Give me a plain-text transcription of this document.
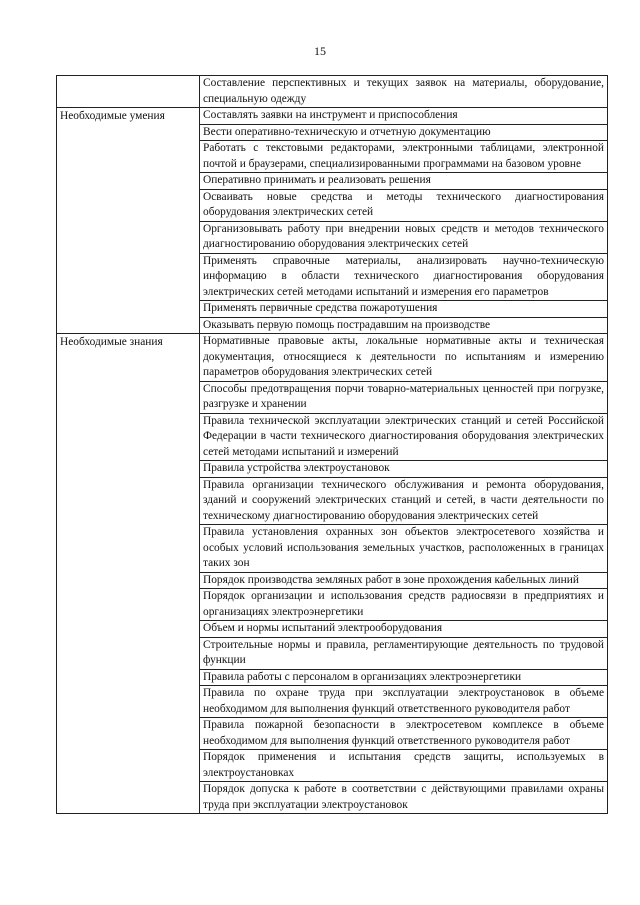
15
	Составление перспективных и текущих заявок на материалы, оборудование, специальную одежду
Необходимые умения	Составлять заявки на инструмент и приспособления
	Вести оперативно-техническую и отчетную документацию
	Работать с текстовыми редакторами, электронными таблицами, электронной почтой и браузерами, специализированными программами на базовом уровне
	Оперативно принимать и реализовать решения
	Осваивать новые средства и методы технического диагностирования оборудования электрических сетей
	Организовывать работу при внедрении новых средств и методов технического диагностированию оборудования электрических сетей
	Применять справочные материалы, анализировать научно-техническую информацию в области технического диагностирования оборудования электрических сетей методами испытаний и измерения его параметров
	Применять первичные средства пожаротушения
	Оказывать первую помощь пострадавшим на производстве
Необходимые знания	Нормативные правовые акты, локальные нормативные акты и техническая документация, относящиеся к деятельности по испытаниям и измерению параметров оборудования электрических сетей
	Способы предотвращения порчи товарно-материальных ценностей при погрузке, разгрузке и хранении
	Правила технической эксплуатации электрических станций и сетей Российской Федерации в части технического диагностирования оборудования электрических сетей методами испытаний и измерений
	Правила устройства электроустановок
	Правила организации технического обслуживания и ремонта оборудования, зданий и сооружений электрических станций и сетей, в части деятельности по техническому диагностированию оборудования электрических сетей
	Правила установления охранных зон объектов электросетевого хозяйства и особых условий использования земельных участков, расположенных в границах таких зон
	Порядок производства земляных работ в зоне прохождения кабельных линий
	Порядок организации и использования средств радиосвязи в предприятиях и организациях электроэнергетики
	Объем и нормы испытаний электрооборудования
	Строительные нормы и правила, регламентирующие деятельность по трудовой функции
	Правила работы с персоналом в организациях электроэнергетики
	Правила по охране труда при эксплуатации электроустановок в объеме необходимом для выполнения функций ответственного руководителя работ
	Правила пожарной безопасности в электросетевом комплексе в объеме необходимом для выполнения функций ответственного руководителя работ
	Порядок применения и испытания средств защиты, используемых в электроустановках
	Порядок допуска к работе в соответствии с действующими правилами охраны труда при эксплуатации электроустановок
